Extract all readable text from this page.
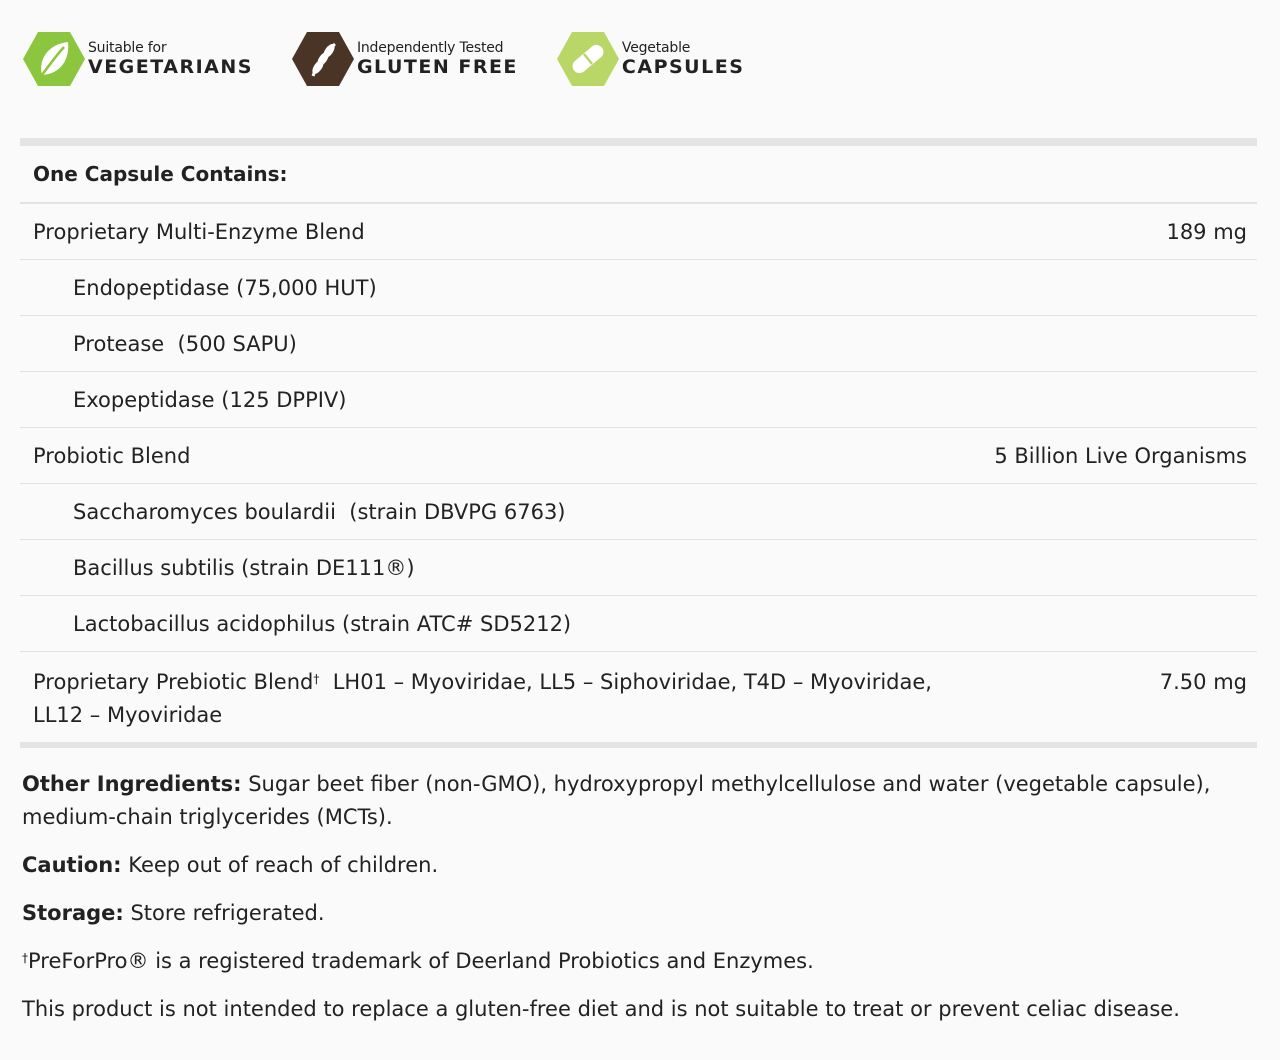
Suitable for
VEGETARIANS
Independently Tested
GLUTEN FREE
Vegetable
CAPSULES
One Capsule Contains:
Proprietary Multi-Enzyme Blend	189 mg
Endopeptidase (75,000 HUT)
Protease  (500 SAPU)
Exopeptidase (125 DPPIV)
Probiotic Blend	5 Billion Live Organisms
Saccharomyces boulardii  (strain DBVPG 6763)
Bacillus subtilis (strain DE111®)
Lactobacillus acidophilus (strain ATC# SD5212)
Proprietary Prebiotic Blend†  LH01 – Myoviridae, LL5 – Siphoviridae, T4D – Myoviridae, LL12 – Myoviridae
7.50 mg

Other Ingredients: Sugar beet fiber (non-GMO), hydroxypropyl methylcellulose and water (vegetable capsule), medium-chain triglycerides (MCTs).

Caution: Keep out of reach of children.

Storage: Store refrigerated.

†PreForPro® is a registered trademark of Deerland Probiotics and Enzymes.

This product is not intended to replace a gluten-free diet and is not suitable to treat or prevent celiac disease.
